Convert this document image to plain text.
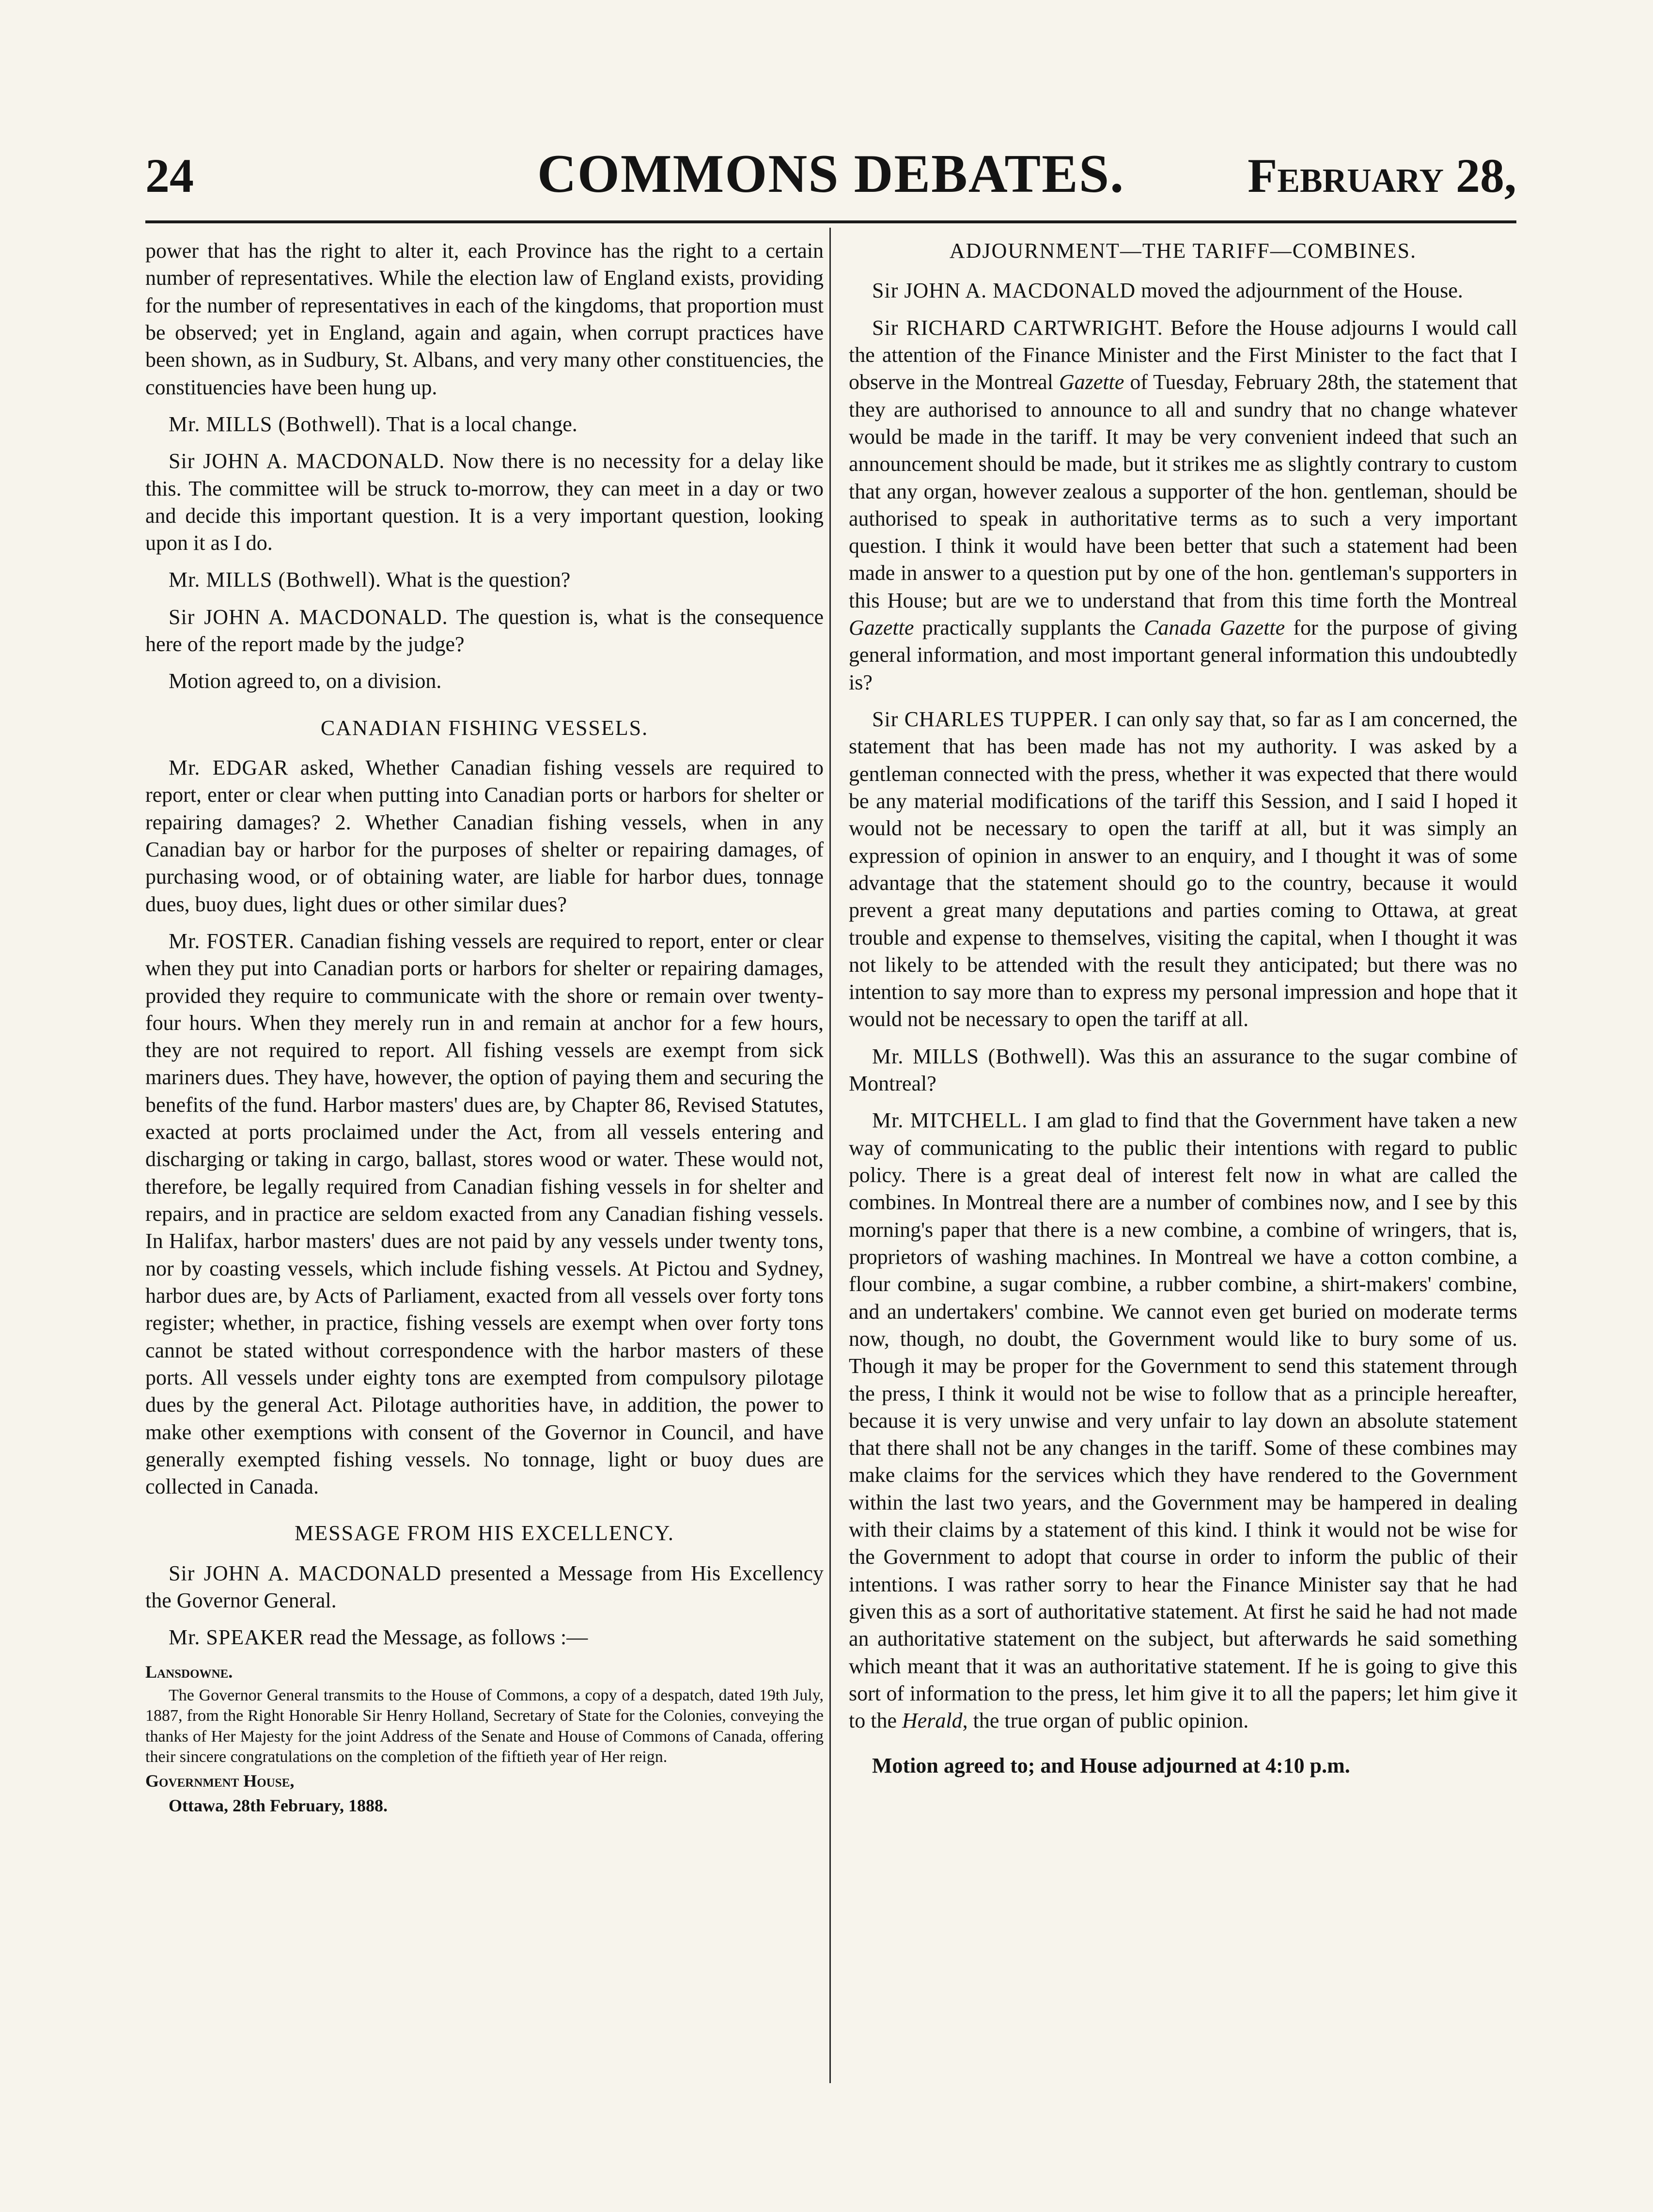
24	COMMONS DEBATES.	February 28,

power that has the right to alter it, each Province has the right to a certain number of representatives. While the election law of England exists, providing for the number of representatives in each of the kingdoms, that proportion must be observed; yet in England, again and again, when corrupt practices have been shown, as in Sudbury, St. Albans, and very many other constituencies, the constituencies have been hung up.

Mr. MILLS (Bothwell). That is a local change.

Sir JOHN A. MACDONALD. Now there is no necessity for a delay like this. The committee will be struck to-morrow, they can meet in a day or two and decide this important question. It is a very important question, looking upon it as I do.

Mr. MILLS (Bothwell). What is the question?

Sir JOHN A. MACDONALD. The question is, what is the consequence here of the report made by the judge?

Motion agreed to, on a division.

CANADIAN FISHING VESSELS.

Mr. EDGAR asked, Whether Canadian fishing vessels are required to report, enter or clear when putting into Canadian ports or harbors for shelter or repairing damages? 2. Whether Canadian fishing vessels, when in any Canadian bay or harbor for the purposes of shelter or repairing damages, of purchasing wood, or of obtaining water, are liable for harbor dues, tonnage dues, buoy dues, light dues or other similar dues?

Mr. FOSTER. Canadian fishing vessels are required to report, enter or clear when they put into Canadian ports or harbors for shelter or repairing damages, provided they require to communicate with the shore or remain over twenty-four hours. When they merely run in and remain at anchor for a few hours, they are not required to report. All fishing vessels are exempt from sick mariners dues. They have, however, the option of paying them and securing the benefits of the fund. Harbor masters' dues are, by Chapter 86, Revised Statutes, exacted at ports proclaimed under the Act, from all vessels entering and discharging or taking in cargo, ballast, stores wood or water. These would not, therefore, be legally required from Canadian fishing vessels in for shelter and repairs, and in practice are seldom exacted from any Canadian fishing vessels. In Halifax, harbor masters' dues are not paid by any vessels under twenty tons, nor by coasting vessels, which include fishing vessels. At Pictou and Sydney, harbor dues are, by Acts of Parliament, exacted from all vessels over forty tons register; whether, in practice, fishing vessels are exempt when over forty tons cannot be stated without correspondence with the harbor masters of these ports. All vessels under eighty tons are exempted from compulsory pilotage dues by the general Act. Pilotage authorities have, in addition, the power to make other exemptions with consent of the Governor in Council, and have generally exempted fishing vessels. No tonnage, light or buoy dues are collected in Canada.

MESSAGE FROM HIS EXCELLENCY.

Sir JOHN A. MACDONALD presented a Message from His Excellency the Governor General.

Mr. SPEAKER read the Message, as follows :—

Lansdowne.

The Governor General transmits to the House of Commons, a copy of a despatch, dated 19th July, 1887, from the Right Honorable Sir Henry Holland, Secretary of State for the Colonies, conveying the thanks of Her Majesty for the joint Address of the Senate and House of Commons of Canada, offering their sincere congratulations on the completion of the fiftieth year of Her reign.

Government House,

Ottawa, 28th February, 1888.

ADJOURNMENT—THE TARIFF—COMBINES.

Sir JOHN A. MACDONALD moved the adjournment of the House.

Sir RICHARD CARTWRIGHT. Before the House adjourns I would call the attention of the Finance Minister and the First Minister to the fact that I observe in the Montreal Gazette of Tuesday, February 28th, the statement that they are authorised to announce to all and sundry that no change whatever would be made in the tariff. It may be very convenient indeed that such an announcement should be made, but it strikes me as slightly contrary to custom that any organ, however zealous a supporter of the hon. gentleman, should be authorised to speak in authoritative terms as to such a very important question. I think it would have been better that such a statement had been made in answer to a question put by one of the hon. gentleman's supporters in this House; but are we to understand that from this time forth the Montreal Gazette practically supplants the Canada Gazette for the purpose of giving general information, and most important general information this undoubtedly is?

Sir CHARLES TUPPER. I can only say that, so far as I am concerned, the statement that has been made has not my authority. I was asked by a gentleman connected with the press, whether it was expected that there would be any material modifications of the tariff this Session, and I said I hoped it would not be necessary to open the tariff at all, but it was simply an expression of opinion in answer to an enquiry, and I thought it was of some advantage that the statement should go to the country, because it would prevent a great many deputations and parties coming to Ottawa, at great trouble and expense to themselves, visiting the capital, when I thought it was not likely to be attended with the result they anticipated; but there was no intention to say more than to express my personal impression and hope that it would not be necessary to open the tariff at all.

Mr. MILLS (Bothwell). Was this an assurance to the sugar combine of Montreal?

Mr. MITCHELL. I am glad to find that the Government have taken a new way of communicating to the public their intentions with regard to public policy. There is a great deal of interest felt now in what are called the combines. In Montreal there are a number of combines now, and I see by this morning's paper that there is a new combine, a combine of wringers, that is, proprietors of washing machines. In Montreal we have a cotton combine, a flour combine, a sugar combine, a rubber combine, a shirt-makers' combine, and an undertakers' combine. We cannot even get buried on moderate terms now, though, no doubt, the Government would like to bury some of us. Though it may be proper for the Government to send this statement through the press, I think it would not be wise to follow that as a principle hereafter, because it is very unwise and very unfair to lay down an absolute statement that there shall not be any changes in the tariff. Some of these combines may make claims for the services which they have rendered to the Government within the last two years, and the Government may be hampered in dealing with their claims by a statement of this kind. I think it would not be wise for the Government to adopt that course in order to inform the public of their intentions. I was rather sorry to hear the Finance Minister say that he had given this as a sort of authoritative statement. At first he said he had not made an authoritative statement on the subject, but afterwards he said something which meant that it was an authoritative statement. If he is going to give this sort of information to the press, let him give it to all the papers; let him give it to the Herald, the true organ of public opinion.

Motion agreed to; and House adjourned at 4:10 p.m.
